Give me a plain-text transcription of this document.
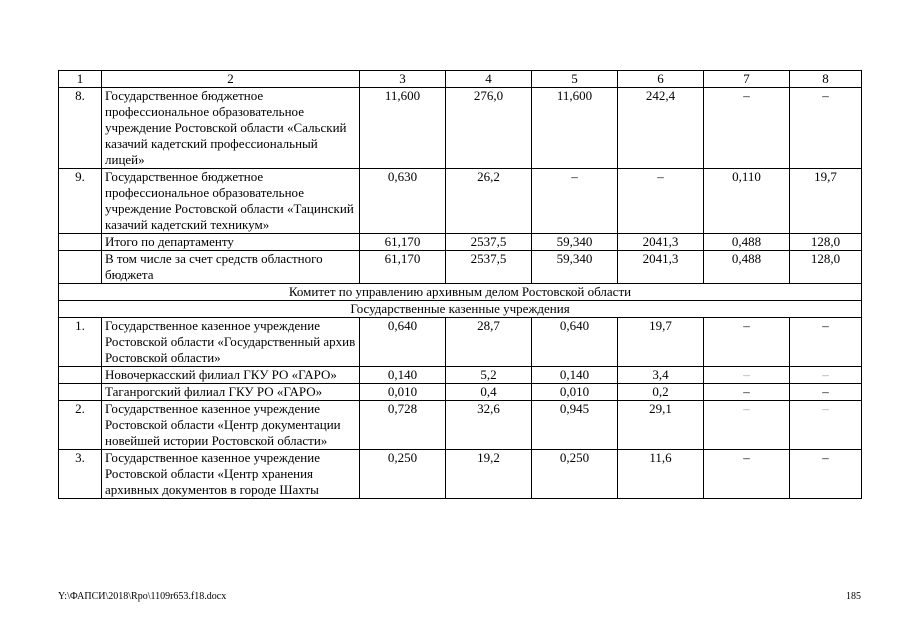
1	2	3	4	5	6	7	8
8.	Государственное бюджетное профессиональное образовательное учреждение Ростовской области «Сальский казачий кадетский профессиональный лицей»	11,600	276,0	11,600	242,4	–	–
9.	Государственное бюджетное профессиональное образовательное учреждение Ростовской области «Тацинский казачий кадетский техникум»	0,630	26,2	–	–	0,110	19,7
	Итого по департаменту	61,170	2537,5	59,340	2041,3	0,488	128,0
	В том числе за счет средств областного бюджета	61,170	2537,5	59,340	2041,3	0,488	128,0
Комитет по управлению архивным делом Ростовской области							
Государственные казенные учреждения							
1.	Государственное казенное учреждение Ростовской области «Государственный архив Ростовской области»	0,640	28,7	0,640	19,7	–	–
	Новочеркасский филиал ГКУ РО «ГАРО»	0,140	5,2	0,140	3,4	–	–
	Таганрогский филиал ГКУ РО «ГАРО»	0,010	0,4	0,010	0,2	–	–
2.	Государственное казенное учреждение Ростовской области «Центр документации новейшей истории Ростовской области»	0,728	32,6	0,945	29,1	–	–
3.	Государственное казенное учреждение Ростовской области «Центр хранения архивных документов в городе Шахты	0,250	19,2	0,250	11,6	–	–
Y:\ФАПСИ\2018\Rpo\1109r653.f18.docx	185
